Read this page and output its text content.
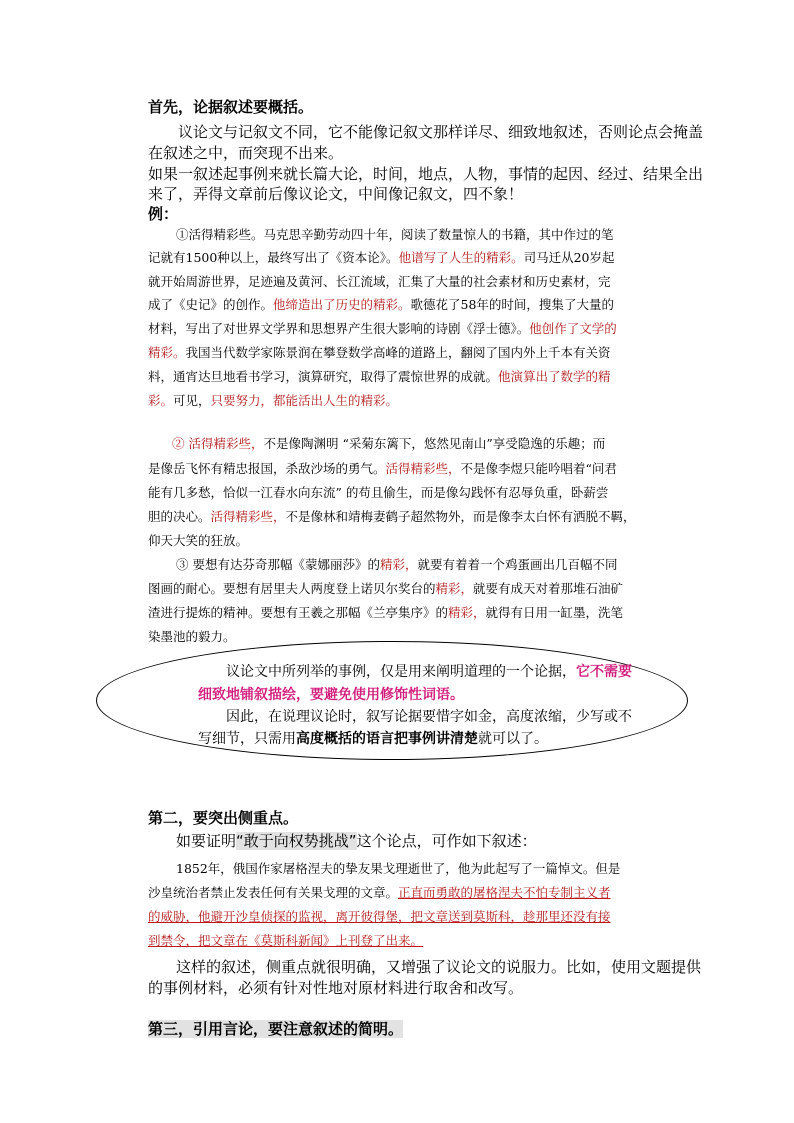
首先，论据叙述要概括。
议论文与记叙文不同，它不能像记叙文那样详尽、细致地叙述，否则论点会掩盖
在叙述之中，而突现不出来。
如果一叙述起事例来就长篇大论，时间，地点，人物，事情的起因、经过、结果全出
来了，弄得文章前后像议论文，中间像记叙文，四不象！
例：
①活得精彩些。马克思辛勤劳动四十年，阅读了数量惊人的书籍，其中作过的笔
记就有1500种以上，最终写出了《资本论》。他谱写了人生的精彩。司马迁从20岁起
就开始周游世界，足迹遍及黄河、长江流域，汇集了大量的社会素材和历史素材，完
成了《史记》的创作。他缔造出了历史的精彩。歌德花了58年的时间，搜集了大量的
材料，写出了对世界文学界和思想界产生很大影响的诗剧《浮士德》。他创作了文学的
精彩。我国当代数学家陈景润在攀登数学高峰的道路上，翻阅了国内外上千本有关资
料，通宵达旦地看书学习，演算研究，取得了震惊世界的成就。他演算出了数学的精
彩。可见，只要努力，都能活出人生的精彩。
② 活得精彩些，不是像陶渊明 “采菊东篱下，悠然见南山”享受隐逸的乐趣；而
是像岳飞怀有精忠报国，杀敌沙场的勇气。活得精彩些，不是像李煜只能吟唱着“问君
能有几多愁，恰似一江春水向东流” 的苟且偷生，而是像勾践怀有忍辱负重，卧薪尝
胆的决心。活得精彩些，不是像林和靖梅妻鹤子超然物外，而是像李太白怀有洒脱不羁，
仰天大笑的狂放。
③ 要想有达芬奇那幅《蒙娜丽莎》的精彩，就要有着着一个鸡蛋画出几百幅不同
图画的耐心。要想有居里夫人两度登上诺贝尔奖台的精彩，就要有成天对着那堆石油矿
渣进行提炼的精神。要想有王羲之那幅《兰亭集序》的精彩，就得有日用一缸墨，洗笔
染墨池的毅力。
议论文中所列举的事例，仅是用来阐明道理的一个论据，它不需要
细致地铺叙描绘，要避免使用修饰性词语。
因此，在说理议论时，叙写论据要惜字如金，高度浓缩，少写或不
写细节，只需用高度概括的语言把事例讲清楚就可以了。
第二，要突出侧重点。
如要证明“敢于向权势挑战”这个论点，可作如下叙述：
1852年，俄国作家屠格涅夫的挚友果戈理逝世了，他为此起写了一篇悼文。但是
沙皇统治者禁止发表任何有关果戈理的文章。正直而勇敢的屠格涅夫不怕专制主义者
的威胁，他避开沙皇侦探的监视，离开彼得堡，把文章送到莫斯科，趁那里还没有接
到禁令，把文章在《莫斯科新闻》上刊登了出来。
这样的叙述，侧重点就很明确，又增强了议论文的说服力。比如，使用文题提供
的事例材料，必须有针对性地对原材料进行取舍和改写。
第三，引用言论，要注意叙述的简明。
